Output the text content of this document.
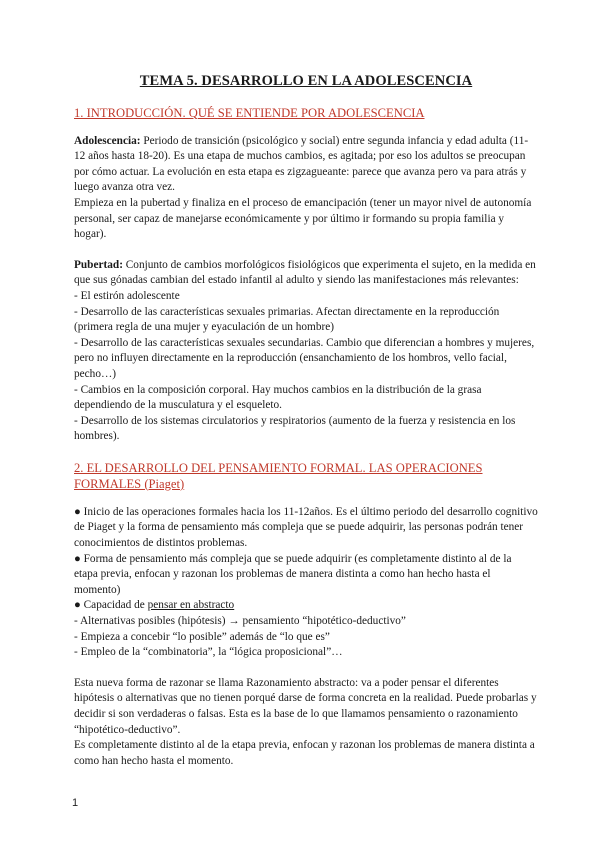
TEMA 5. DESARROLLO EN LA ADOLESCENCIA
1. INTRODUCCIÓN. QUÉ SE ENTIENDE POR ADOLESCENCIA

Adolescencia: Periodo de transición (psicológico y social) entre segunda infancia y edad adulta (11-12 años hasta 18-20). Es una etapa de muchos cambios, es agitada; por eso los adultos se preocupan por cómo actuar. La evolución en esta etapa es zigzagueante: parece que avanza pero va para atrás y luego avanza otra vez.

Empieza en la pubertad y finaliza en el proceso de emancipación (tener un mayor nivel de autonomía personal, ser capaz de manejarse económicamente y por último ir formando su propia familia y hogar).

Pubertad: Conjunto de cambios morfológicos fisiológicos que experimenta el sujeto, en la medida en que sus gónadas cambian del estado infantil al adulto y siendo las manifestaciones más relevantes:

- El estirón adolescente

- Desarrollo de las características sexuales primarias. Afectan directamente en la reproducción (primera regla de una mujer y eyaculación de un hombre)

- Desarrollo de las características sexuales secundarias. Cambio que diferencian a hombres y mujeres, pero no influyen directamente en la reproducción (ensanchamiento de los hombros, vello facial, pecho…)

- Cambios en la composición corporal. Hay muchos cambios en la distribución de la grasa dependiendo de la musculatura y el esqueleto.

- Desarrollo de los sistemas circulatorios y respiratorios (aumento de la fuerza y resistencia en los hombres).

2. EL DESARROLLO DEL PENSAMIENTO FORMAL. LAS OPERACIONES FORMALES (Piaget)

● Inicio de las operaciones formales hacia los 11-12años. Es el último periodo del desarrollo cognitivo de Piaget y la forma de pensamiento más compleja que se puede adquirir, las personas podrán tener conocimientos de distintos problemas.

● Forma de pensamiento más compleja que se puede adquirir (es completamente distinto al de la etapa previa, enfocan y razonan los problemas de manera distinta a como han hecho hasta el momento)

● Capacidad de pensar en abstracto

- Alternativas posibles (hipótesis) → pensamiento “hipotético-deductivo”

- Empieza a concebir “lo posible” además de “lo que es”

- Empleo de la “combinatoria”, la “lógica proposicional”…

Esta nueva forma de razonar se llama Razonamiento abstracto: va a poder pensar el diferentes hipótesis o alternativas que no tienen porqué darse de forma concreta en la realidad. Puede probarlas y decidir si son verdaderas o falsas. Esta es la base de lo que llamamos pensamiento o razonamiento “hipotético-deductivo”.

Es completamente distinto al de la etapa previa, enfocan y razonan los problemas de manera distinta a como han hecho hasta el momento.

1
